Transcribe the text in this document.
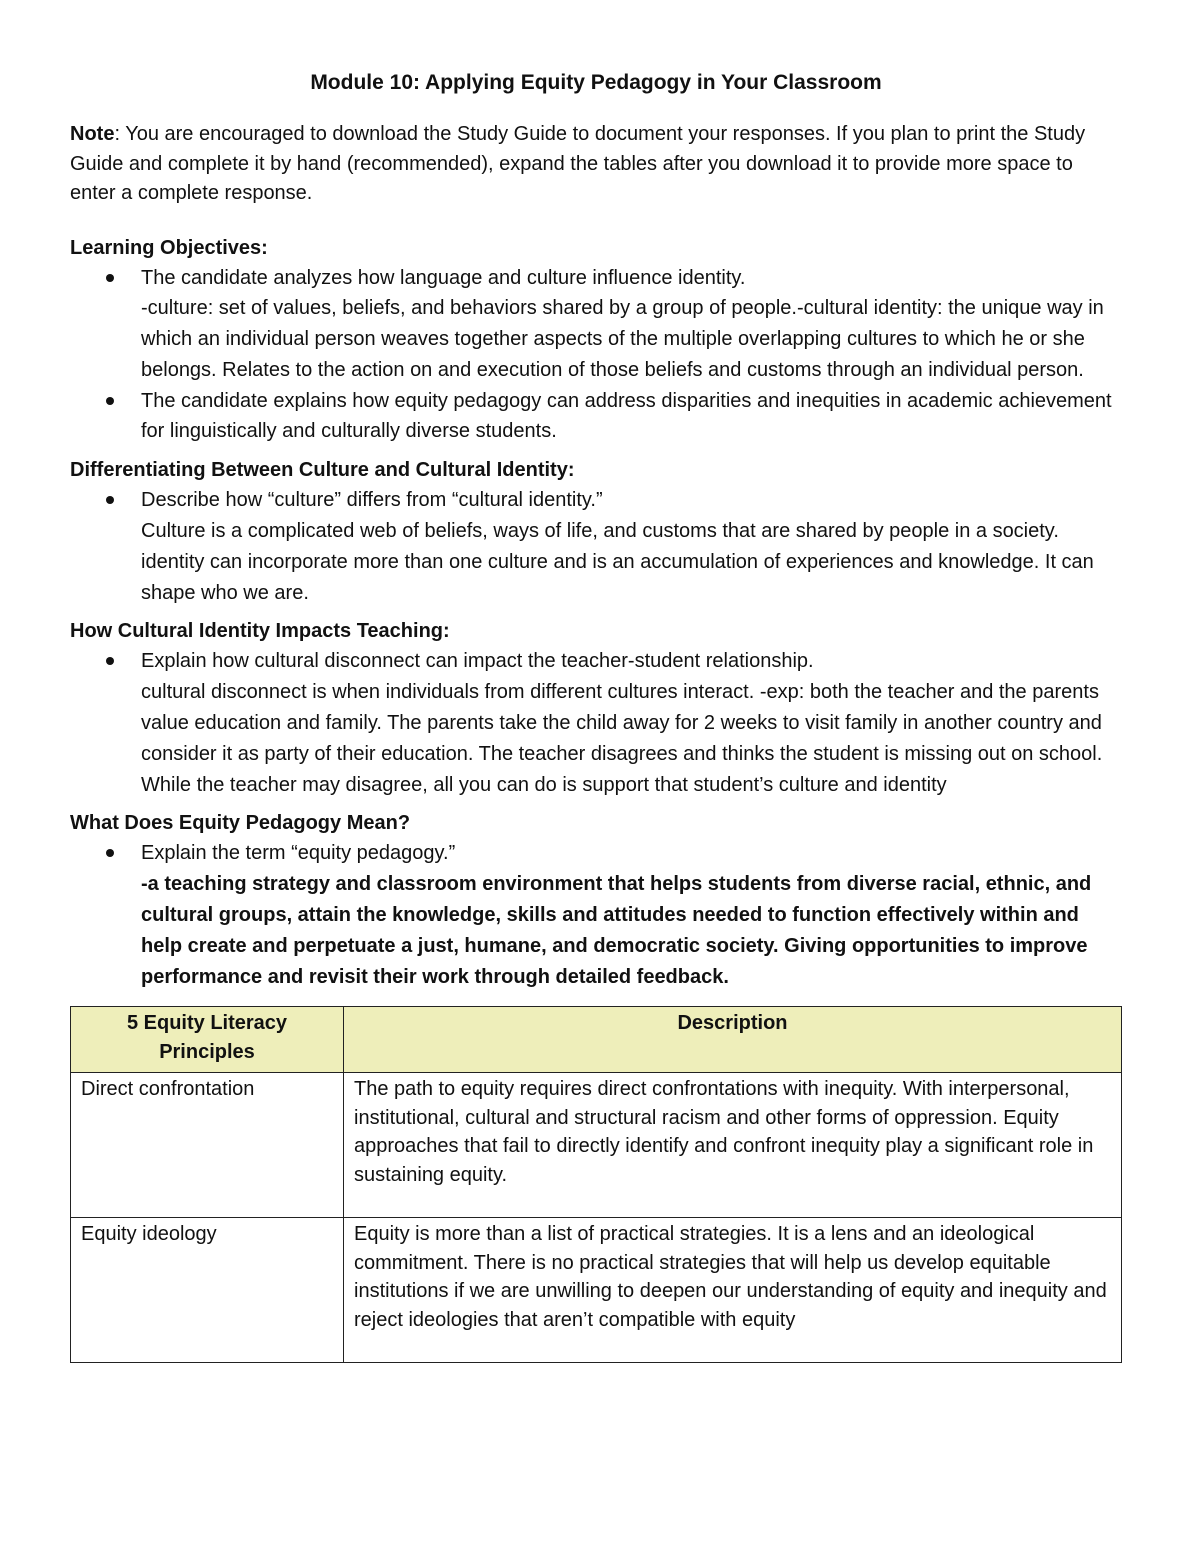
Module 10: Applying Equity Pedagogy in Your Classroom

Note: You are encouraged to download the Study Guide to document your responses. If you plan to print the Study Guide and complete it by hand (recommended), expand the tables after you download it to provide more space to enter a complete response.

Learning Objectives:

The candidate analyzes how language and culture influence identity.
-culture: set of values, beliefs, and behaviors shared by a group of people.-cultural identity: the unique way in which an individual person weaves together aspects of the multiple overlapping cultures to which he or she belongs. Relates to the action on and execution of those beliefs and customs through an individual person.
The candidate explains how equity pedagogy can address disparities and inequities in academic achievement for linguistically and culturally diverse students.

Differentiating Between Culture and Cultural Identity:

Describe how “culture” differs from “cultural identity.”
Culture is a complicated web of beliefs, ways of life, and customs that are shared by people in a society. identity can incorporate more than one culture and is an accumulation of experiences and knowledge. It can shape who we are.

How Cultural Identity Impacts Teaching:

Explain how cultural disconnect can impact the teacher-student relationship.
cultural disconnect is when individuals from different cultures interact. -exp: both the teacher and the parents value education and family. The parents take the child away for 2 weeks to visit family in another country and consider it as party of their education. The teacher disagrees and thinks the student is missing out on school. While the teacher may disagree, all you can do is support that student’s culture and identity

What Does Equity Pedagogy Mean?

Explain the term “equity pedagogy.”
-a teaching strategy and classroom environment that helps students from diverse racial, ethnic, and cultural groups, attain the knowledge, skills and attitudes needed to function effectively within and help create and perpetuate a just, humane, and democratic society. Giving opportunities to improve performance and revisit their work through detailed feedback.
5 Equity Literacy Principles	Description
Direct confrontation	The path to equity requires direct confrontations with inequity. With interpersonal, institutional, cultural and structural racism and other forms of oppression. Equity approaches that fail to directly identify and confront inequity play a significant role in sustaining equity.
Equity ideology	Equity is more than a list of practical strategies. It is a lens and an ideological commitment. There is no practical strategies that will help us develop equitable institutions if we are unwilling to deepen our understanding of equity and inequity and reject ideologies that aren’t compatible with equity
